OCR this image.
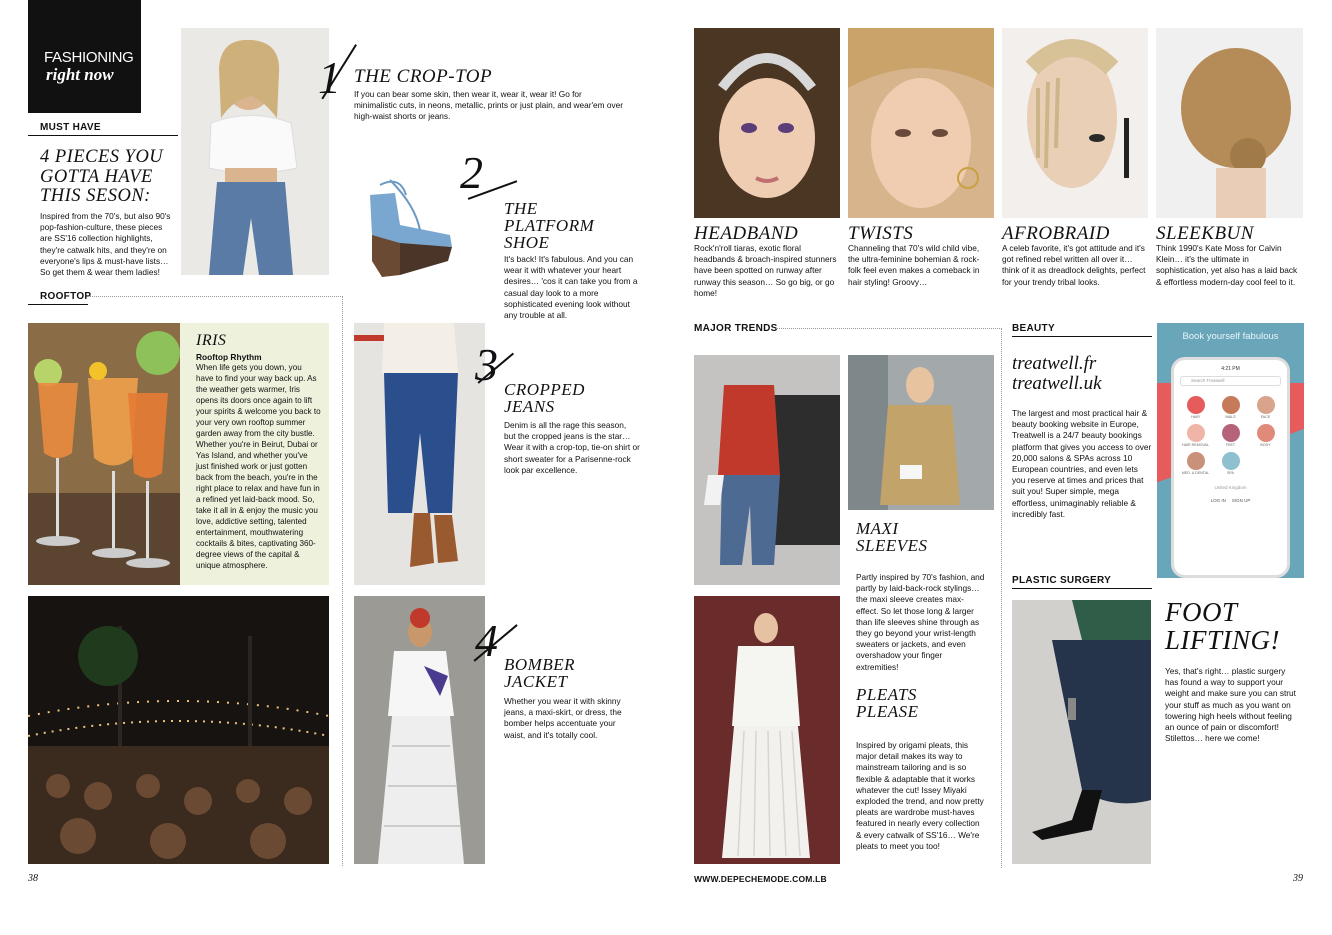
FASHIONING
right now
MUST HAVE
4 PIECES YOU GOTTA HAVE THIS SESON:
Inspired from the 70's, but also 90's pop-fashion-culture, these pieces are SS'16 collection highlights, they're catwalk hits, and they're on everyone's lips & must-have lists… So get them & wear them ladies!
1 THE CROP-TOP
If you can bear some skin, then wear it, wear it, wear it! Go for minimalistic cuts, in neons, metallic, prints or just plain, and wear'em over high-waist shorts or jeans.
2
THE PLATFORM SHOE
It's back! It's fabulous. And you can wear it with whatever your heart desires… 'cos it can take you from a casual day look to a more sophisticated evening look without any trouble at all.
ROOFTOP
IRIS
Rooftop Rhythm
When life gets you down, you have to find your way back up. As the weather gets warmer, Iris opens its doors once again to lift your spirits & welcome you back to your very own rooftop summer garden away from the city bustle. Whether you're in Beirut, Dubai or Yas Island, and whether you've just finished work or just gotten back from the beach, you're in the right place to relax and have fun in a refined yet laid-back mood. So, take it all in & enjoy the music you love, addictive setting, talented entertainment, mouthwatering cocktails & bites, captivating 360-degree views of the capital & unique atmosphere.
3 CROPPED JEANS
Denim is all the rage this season, but the cropped jeans is the star… Wear it with a crop-top, tie-on shirt or short sweater for a Parisenne-rock look par excellence.
4 BOMBER JACKET
Whether you wear it with skinny jeans, a maxi-skirt, or dress, the bomber helps accentuate your waist, and it's totally cool.
38
HEADBAND
Rock'n'roll tiaras, exotic floral headbands & broach-inspired stunners have been spotted on runway after runway this season… So go big, or go home!
TWISTS
Channeling that 70's wild child vibe, the ultra-feminine bohemian & rock-folk feel even makes a comeback in hair styling! Groovy…
AFROBRAID
A celeb favorite, it's got attitude and it's got refined rebel written all over it… think of it as dreadlock delights, perfect for your trendy tribal looks.
SLEEKBUN
Think 1990's Kate Moss for Calvin Klein… it's the ultimate in sophistication, yet also has a laid back & effortless modern-day cool feel to it.
MAJOR TRENDS
MAXI SLEEVES
Partly inspired by 70's fashion, and partly by laid-back-rock stylings… the maxi sleeve creates max-effect. So let those long & larger than life sleeves shine through as they go beyond your wrist-length sweaters or jackets, and even overshadow your finger extremities!
PLEATS PLEASE
Inspired by origami pleats, this major detail makes its way to mainstream tailoring and is so flexible & adaptable that it works whatever the cut! Issey Miyaki exploded the trend, and now pretty pleats are wardrobe must-haves featured in nearly every collection & every catwalk of SS'16… We're pleats to meet you too!
BEAUTY
treatwell.fr
treatwell.uk
The largest and most practical hair & beauty booking website in Europe, Treatwell is a 24/7 beauty bookings platform that gives you access to over 20,000 salons & SPAs across 10 European countries, and even lets you reserve at times and prices that suit you! Super simple, mega effortless, unimaginably reliable & incredibly fast.
Book yourself fabulous
4:21 PM
Search Treatwell
HAIR	NAILS	FACE
HAIR REMOVAL	FEET	BODY
MED. & DENTAL	SPA
United Kingdom
LOG IN SIGN UP
PLASTIC SURGERY
FOOT LIFTING!
Yes, that's right… plastic surgery has found a way to support your weight and make sure you can strut your stuff as much as you want on towering high heels without feeling an ounce of pain or discomfort! Stilettos… here we come!
WWW.DEPECHEMODE.COM.LB	39
